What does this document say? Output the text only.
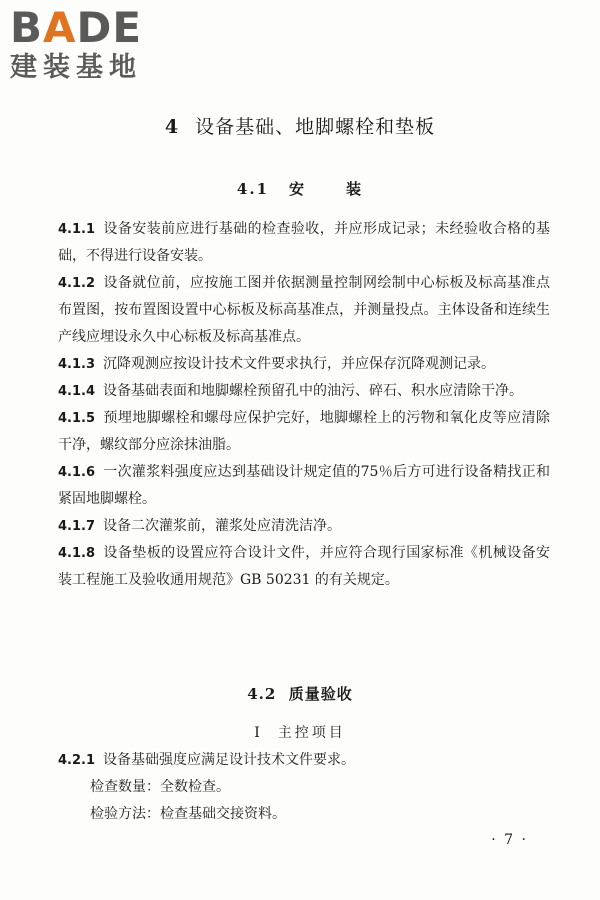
BADE
建装基地
4 设备基础、地脚螺栓和垫板
4.1 安	装

4.1.1 设备安装前应进行基础的检查验收，并应形成记录；未经验收合格的基础，不得进行设备安装。

4.1.2 设备就位前，应按施工图并依据测量控制网绘制中心标板及标高基准点布置图，按布置图设置中心标板及标高基准点，并测量投点。主体设备和连续生产线应埋设永久中心标板及标高基准点。

4.1.3 沉降观测应按设计技术文件要求执行，并应保存沉降观测记录。

4.1.4 设备基础表面和地脚螺栓预留孔中的油污、碎石、积水应清除干净。

4.1.5 预埋地脚螺栓和螺母应保护完好，地脚螺栓上的污物和氧化皮等应清除干净，螺纹部分应涂抹油脂。

4.1.6 一次灌浆料强度应达到基础设计规定值的75％后方可进行设备精找正和紧固地脚螺栓。

4.1.7 设备二次灌浆前，灌浆处应清洗洁净。

4.1.8 设备垫板的设置应符合设计文件，并应符合现行国家标准《机械设备安装工程施工及验收通用规范》GB 50231 的有关规定。

4.2 质量验收
Ⅰ 主控项目

4.2.1 设备基础强度应满足设计技术文件要求。

检查数量：全数检查。

检验方法：检查基础交接资料。

· 7 ·
